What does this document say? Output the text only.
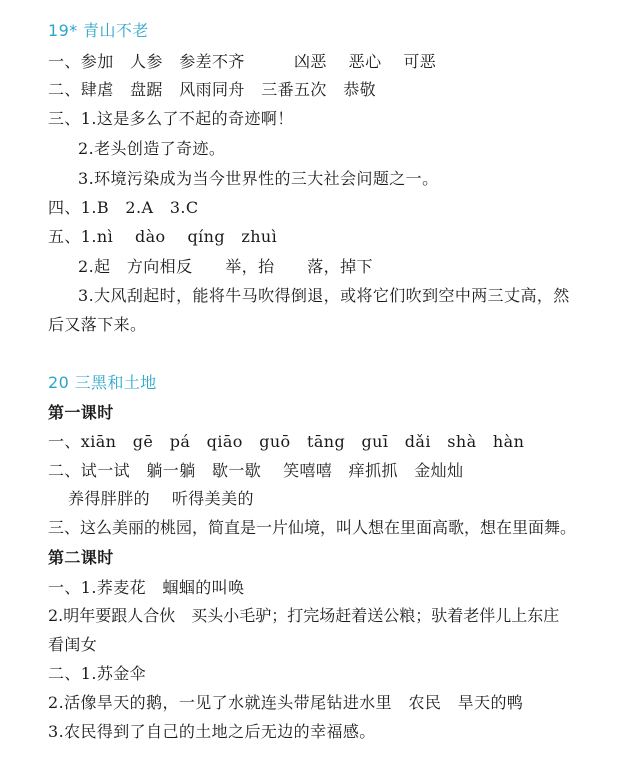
19* 青山不老
一、参加　人参　参差不齐　　　凶恶　 恶心　 可恶
二、肆虐　盘踞　风雨同舟　三番五次　恭敬
三、1.这是多么了不起的奇迹啊！
2.老头创造了奇迹。
3.环境污染成为当今世界性的三大社会问题之一。
四、1.B　2.A　3.C
五、1.nì　 dào　 qíng　zhuì
2.起　方向相反　　举，抬　　落，掉下
3.大风刮起时，能将牛马吹得倒退，或将它们吹到空中两三丈高，然
后又落下来。
20 三黑和土地
第一课时
一、xiān　gē　pá　qiāo　guō　tāng　guī　dǎi　shà　hàn
二、试一试　躺一躺　歇一歇　 笑嘻嘻　痒抓抓　金灿灿
养得胖胖的　 听得美美的
三、这么美丽的桃园，简直是一片仙境，叫人想在里面高歌，想在里面舞。
第二课时
一、1.荞麦花　蝈蝈的叫唤
2.明年要跟人合伙　买头小毛驴；打完场赶着送公粮；驮着老伴儿上东庄
看闺女
二、1.苏金伞
2.活像旱天的鹅，一见了水就连头带尾钻进水里　农民　旱天的鸭
3.农民得到了自己的土地之后无边的幸福感。
